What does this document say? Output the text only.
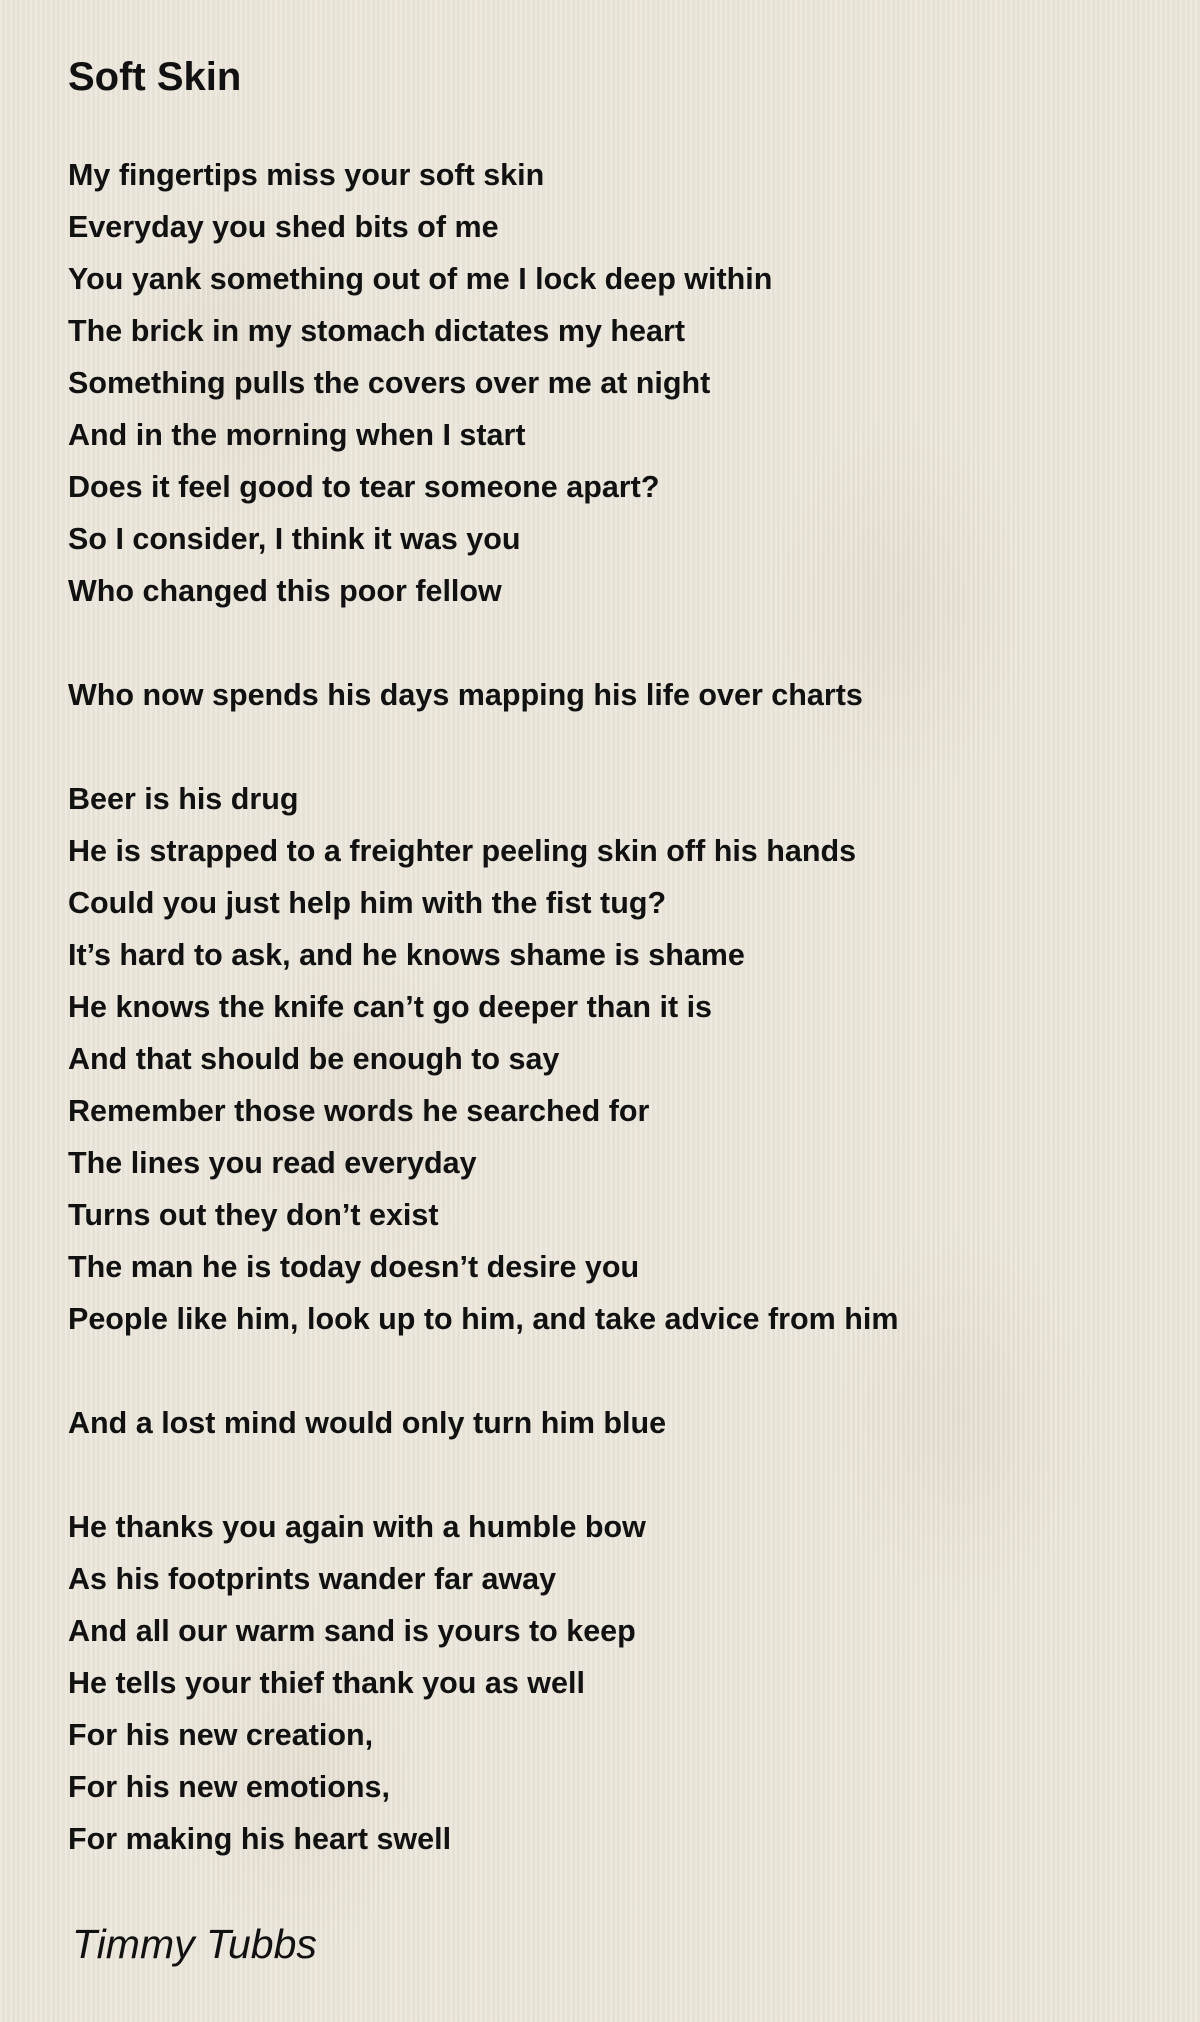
Soft Skin
My fingertips miss your soft skin
Everyday you shed bits of me
You yank something out of me I lock deep within
The brick in my stomach dictates my heart
Something pulls the covers over me at night
And in the morning when I start
Does it feel good to tear someone apart?
So I consider, I think it was you
Who changed this poor fellow
Who now spends his days mapping his life over charts
Beer is his drug
He is strapped to a freighter peeling skin off his hands
Could you just help him with the fist tug?
It’s hard to ask, and he knows shame is shame
He knows the knife can’t go deeper than it is
And that should be enough to say
Remember those words he searched for
The lines you read everyday
Turns out they don’t exist
The man he is today doesn’t desire you
People like him, look up to him, and take advice from him
And a lost mind would only turn him blue
He thanks you again with a humble bow
As his footprints wander far away
And all our warm sand is yours to keep
He tells your thief thank you as well
For his new creation,
For his new emotions,
For making his heart swell

Timmy Tubbs
